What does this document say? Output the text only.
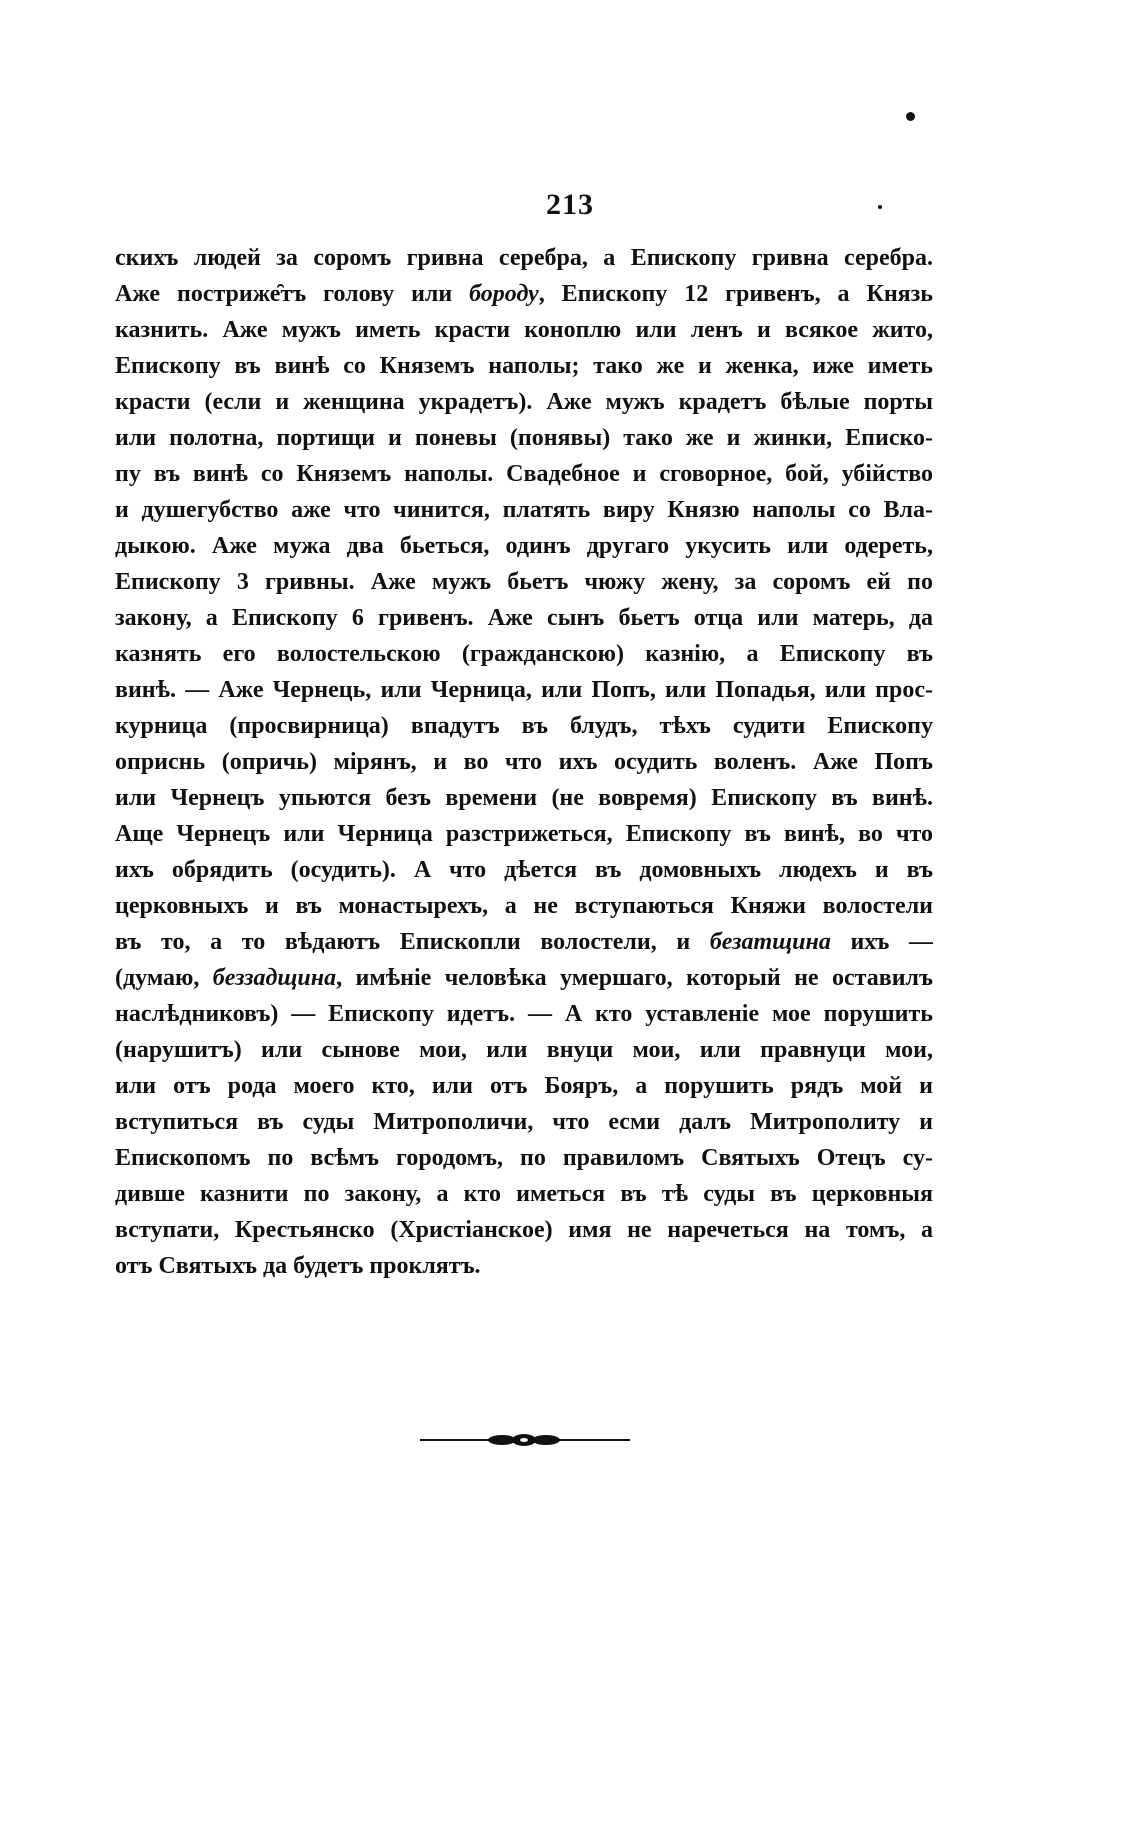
213
скихъ людей за соромъ гривна серебра, а Епископу гривна серебра.
Аже постриже̑тъ голову или бороду, Епископу 12 гривенъ, а Князь
казнить. Аже мужъ иметь красти коноплю или ленъ и всякое жито,
Епископу въ винѣ со Княземъ наполы; тако же и женка, иже иметь
красти (если и женщина украдетъ). Аже мужъ крадетъ бѣлые порты
или полотна, портищи и поневы (понявы) тако же и жинки, Еписко-
пу въ винѣ со Княземъ наполы. Свадебное и сговорное, бой, убійство
и душегубство аже что чинится, платять виру Князю наполы со Вла-
дыкою. Аже мужа два бьеться, одинъ другаго укусить или одереть,
Епископу 3 гривны. Аже мужъ бьетъ чюжу жену, за соромъ ей по
закону, а Епископу 6 гривенъ. Аже сынъ бьетъ отца или матерь, да
казнять его волостельскою (гражданскою) казнію, а Епископу въ
винѣ. — Аже Чернець, или Черница, или Попъ, или Попадья, или прос-
курница (просвирница) впадутъ въ блудъ, тѣхъ судити Епископу
оприснь (опричь) мірянъ, и во что ихъ осудить воленъ. Аже Попъ
или Чернецъ упьются безъ времени (не вовремя) Епископу въ винѣ.
Аще Чернецъ или Черница разстрижеться, Епископу въ винѣ, во что
ихъ обрядить (осудить). А что дѣется въ домовныхъ людехъ и въ
церковныхъ и въ монастырехъ, а не вступаються Княжи волостели
въ то, а то вѣдаютъ Епископли волостели, и безатщина ихъ —
(думаю, беззадщина, имѣніе человѣка умершаго, который не оставилъ
наслѣдниковъ) — Епископу идетъ. — А кто уставленіе мое порушить
(нарушитъ) или сынове мои, или внуци мои, или правнуци мои,
или отъ рода моего кто, или отъ Бояръ, а порушить рядъ мой и
вступиться въ суды Митрополичи, что есми далъ Митрополиту и
Епископомъ по всѣмъ городомъ, по правиломъ Святыхъ Отецъ су-
дивше казнити по закону, а кто иметься въ тѣ суды въ церковныя
вступати, Крестьянско (Христіанское) имя не наречеться на томъ, а
отъ Святыхъ да будетъ проклятъ.
